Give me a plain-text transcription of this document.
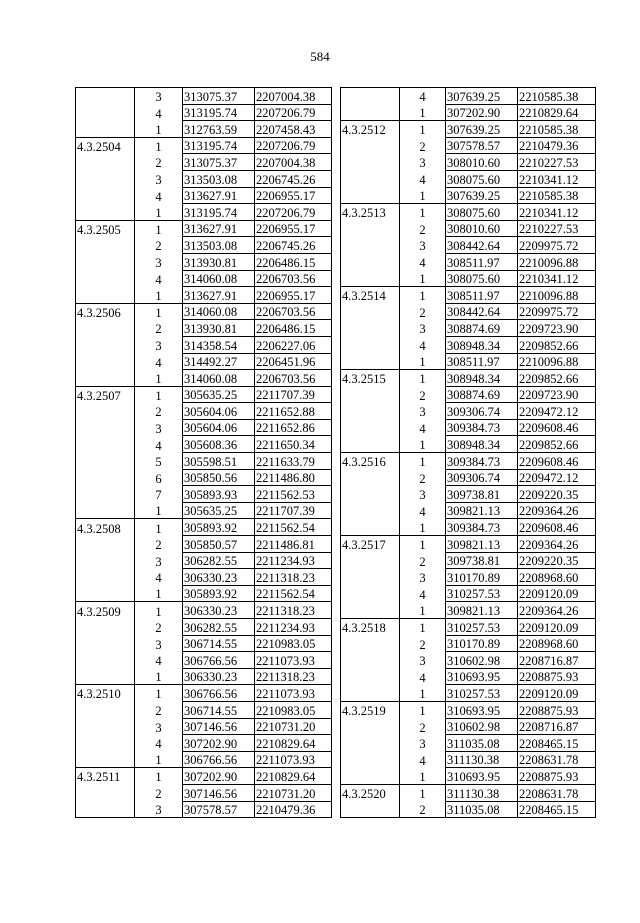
584
	3	313075.37	2207004.38
	4	313195.74	2207206.79
	1	312763.59	2207458.43
4.3.2504	1	313195.74	2207206.79
	2	313075.37	2207004.38
	3	313503.08	2206745.26
	4	313627.91	2206955.17
	1	313195.74	2207206.79
4.3.2505	1	313627.91	2206955.17
	2	313503.08	2206745.26
	3	313930.81	2206486.15
	4	314060.08	2206703.56
	1	313627.91	2206955.17
4.3.2506	1	314060.08	2206703.56
	2	313930.81	2206486.15
	3	314358.54	2206227.06
	4	314492.27	2206451.96
	1	314060.08	2206703.56
4.3.2507	1	305635.25	2211707.39
	2	305604.06	2211652.88
	3	305604.06	2211652.86
	4	305608.36	2211650.34
	5	305598.51	2211633.79
	6	305850.56	2211486.80
	7	305893.93	2211562.53
	1	305635.25	2211707.39
4.3.2508	1	305893.92	2211562.54
	2	305850.57	2211486.81
	3	306282.55	2211234.93
	4	306330.23	2211318.23
	1	305893.92	2211562.54
4.3.2509	1	306330.23	2211318.23
	2	306282.55	2211234.93
	3	306714.55	2210983.05
	4	306766.56	2211073.93
	1	306330.23	2211318.23
4.3.2510	1	306766.56	2211073.93
	2	306714.55	2210983.05
	3	307146.56	2210731.20
	4	307202.90	2210829.64
	1	306766.56	2211073.93
4.3.2511	1	307202.90	2210829.64
	2	307146.56	2210731.20
	3	307578.57	2210479.36
	4	307639.25	2210585.38
	1	307202.90	2210829.64
4.3.2512	1	307639.25	2210585.38
	2	307578.57	2210479.36
	3	308010.60	2210227.53
	4	308075.60	2210341.12
	1	307639.25	2210585.38
4.3.2513	1	308075.60	2210341.12
	2	308010.60	2210227.53
	3	308442.64	2209975.72
	4	308511.97	2210096.88
	1	308075.60	2210341.12
4.3.2514	1	308511.97	2210096.88
	2	308442.64	2209975.72
	3	308874.69	2209723.90
	4	308948.34	2209852.66
	1	308511.97	2210096.88
4.3.2515	1	308948.34	2209852.66
	2	308874.69	2209723.90
	3	309306.74	2209472.12
	4	309384.73	2209608.46
	1	308948.34	2209852.66
4.3.2516	1	309384.73	2209608.46
	2	309306.74	2209472.12
	3	309738.81	2209220.35
	4	309821.13	2209364.26
	1	309384.73	2209608.46
4.3.2517	1	309821.13	2209364.26
	2	309738.81	2209220.35
	3	310170.89	2208968.60
	4	310257.53	2209120.09
	1	309821.13	2209364.26
4.3.2518	1	310257.53	2209120.09
	2	310170.89	2208968.60
	3	310602.98	2208716.87
	4	310693.95	2208875.93
	1	310257.53	2209120.09
4.3.2519	1	310693.95	2208875.93
	2	310602.98	2208716.87
	3	311035.08	2208465.15
	4	311130.38	2208631.78
	1	310693.95	2208875.93
4.3.2520	1	311130.38	2208631.78
	2	311035.08	2208465.15
